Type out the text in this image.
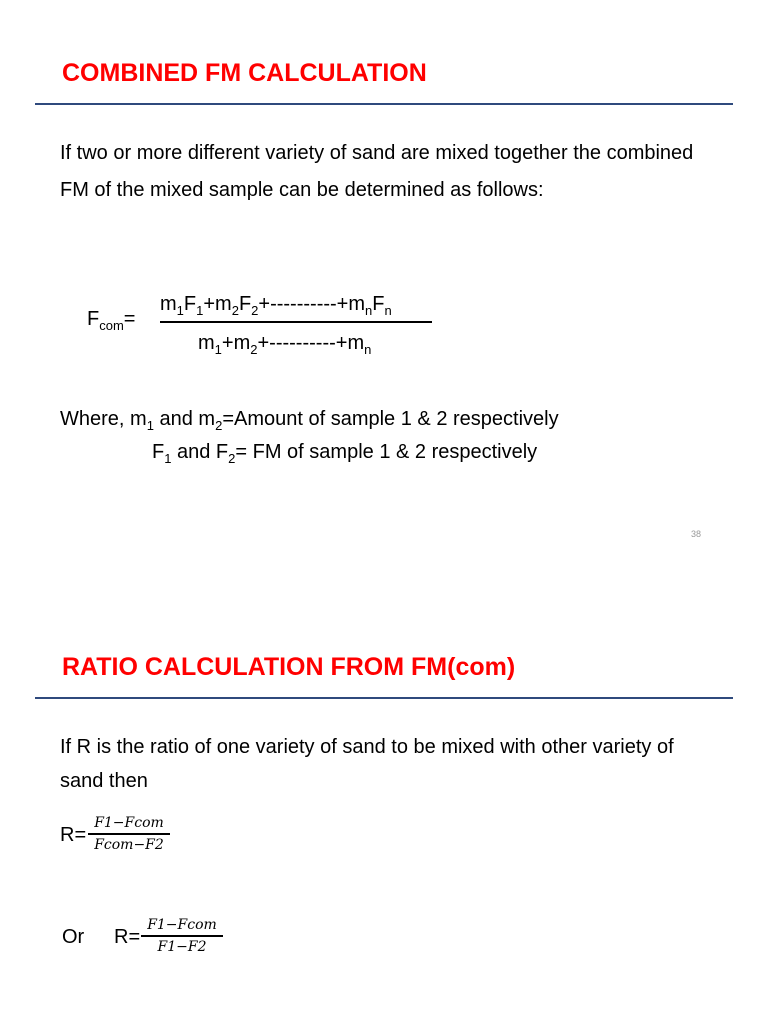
COMBINED FM CALCULATION
If two or more different variety of sand are mixed together the combined FM of the mixed sample can be determined as follows:
$F_{com}=$
$m_1F_1+m_2F_2+----------+m_nF_n$
$m_1+m_2+----------+m_n$
Where, $m_1$ and $m_2=Amount$ of sample 1 & 2 respectively
$F_1$ and $F_2=$ FM of sample 1 & 2 respectively
38
RATIO CALCULATION FROM FM(com)
If R is the ratio of one variety of sand to be mixed with other variety of sand then
R=
F1−Fcom
Fcom−F2
Or R=
F1−Fcom
F1−F2
